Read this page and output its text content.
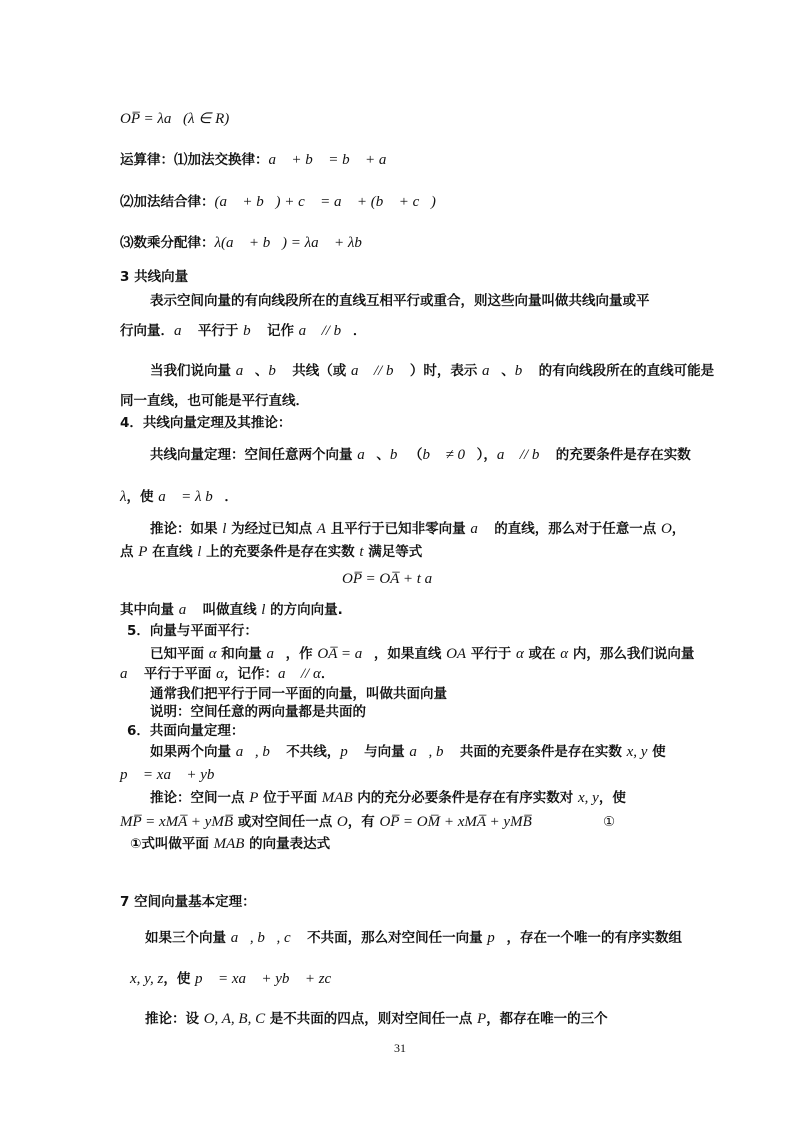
OP̅ = λa⃗(λ ∈ R)
运算律：⑴加法交换律：a⃗ + b⃗ = b⃗ + a⃗
⑵加法结合律：(a⃗ + b⃗) + c⃗ = a⃗ + (b⃗ + c⃗)
⑶数乘分配律：λ(a⃗ + b⃗) = λa⃗ + λb⃗
3 共线向量
表示空间向量的有向线段所在的直线互相平行或重合，则这些向量叫做共线向量或平
行向量．a⃗ 平行于 b⃗ 记作 a⃗ // b⃗．
当我们说向量 a⃗、b⃗ 共线（或 a⃗ // b⃗ ）时，表示 a⃗、b⃗ 的有向线段所在的直线可能是
同一直线，也可能是平行直线．
4．共线向量定理及其推论：
共线向量定理：空间任意两个向量 a⃗、b⃗（b⃗ ≠ 0⃗），a⃗ // b⃗ 的充要条件是存在实数
λ，使 a⃗ = λ b⃗．
推论：如果 l 为经过已知点 A 且平行于已知非零向量 a⃗ 的直线，那么对于任意一点 O，
点 P 在直线 l 上的充要条件是存在实数 t 满足等式
OP̅ = OA̅ + t a⃗．
其中向量 a⃗ 叫做直线 l 的方向向量.
5．向量与平面平行：
已知平面 α 和向量 a⃗，作 OA̅ = a⃗，如果直线 OA 平行于 α 或在 α 内，那么我们说向量
a⃗ 平行于平面 α，记作：a⃗ // α．
通常我们把平行于同一平面的向量，叫做共面向量
说明：空间任意的两向量都是共面的
6．共面向量定理：
如果两个向量 a⃗, b⃗ 不共线，p⃗ 与向量 a⃗, b⃗ 共面的充要条件是存在实数 x, y 使
p⃗ = xa⃗ + yb⃗
推论：空间一点 P 位于平面 MAB 内的充分必要条件是存在有序实数对 x, y，使
MP̅ = xMA̅ + yMB̅ 或对空间任一点 O，有 OP̅ = OM̅ + xMA̅ + yMB̅	①
①式叫做平面 MAB 的向量表达式
7 空间向量基本定理：
如果三个向量 a⃗, b⃗, c⃗ 不共面，那么对空间任一向量 p⃗，存在一个唯一的有序实数组
x, y, z，使 p⃗ = xa⃗ + yb⃗ + zc⃗
推论：设 O, A, B, C 是不共面的四点，则对空间任一点 P，都存在唯一的三个
31
